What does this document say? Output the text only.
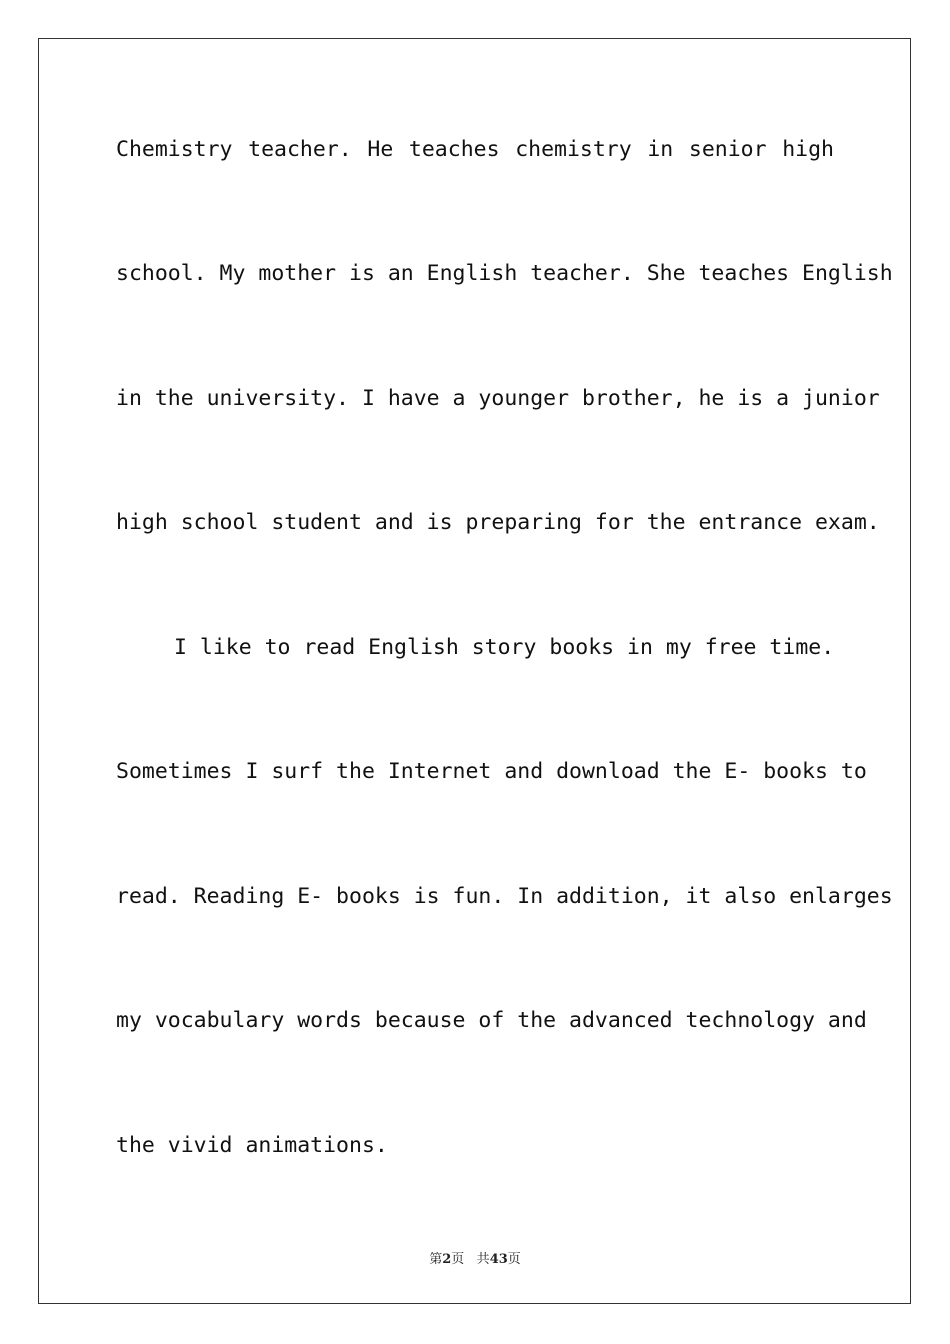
Chemistry teacher. He teaches chemistry in senior high
school. My mother is an English teacher. She teaches English
in the university. I have a younger brother, he is a junior
high school student and is preparing for the entrance exam.
I like to read English story books in my free time.
Sometimes I surf the Internet and download the E- books to
read. Reading E- books is fun. In addition, it also enlarges
my vocabulary words because of the advanced technology and
the vivid animations.
第2页 共43页
